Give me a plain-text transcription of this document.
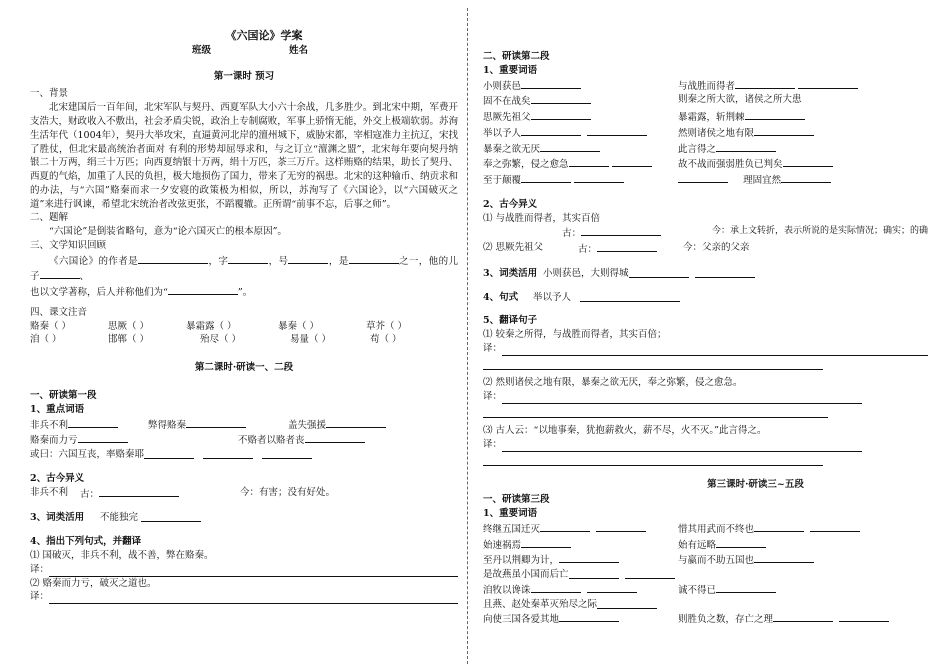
《六国论》学案
班级	姓名
第一课时 预习

一、背景

北宋建国后一百年间，北宋军队与契丹、西夏军队大小六十余战，几多胜少。到北宋中期，军费开支浩大，财政收入不敷出，社会矛盾尖锐，政治上专制腐败，军事上骄惰无能，外交上极端软弱。苏洵生活年代（1004年），契丹大举攻宋，直逼黄河北岸的澶州城下，威胁宋都，宰相寇准力主抗辽，宋找了胜仗，但北宋最高统治者面对 有利的形势却屈辱求和，与之订立“澶渊之盟”，北宋每年要向契丹纳银二十万两，绢三十万匹；向西夏纳银十万两，绢十万匹，茶三万斤。这样贿赂的结果，助长了契丹、西夏的气焰，加重了人民的负担，极大地损伤了国力，带来了无穷的祸患。北宋的这种输币、纳贡求和的办法，与“六国”赂秦而求一夕安寝的政策极为相似，所以，苏洵写了《六国论》，以“六国破灭之道”来进行讽谏，希望北宋统治者改弦更张，不蹈覆辙。正所谓“前事不忘，后事之师”。

二、题解

“六国论”是倒装省略句，意为“论六国灭亡的根本原因”。

三、文学知识回顾

《六国论》的作者是	，字	，号	，是	之一，他的儿子	、

也以文学著称，后人并称他们为“	”。

四、课文注音

赂秦（ ）	思厥（ ）	暴霜露（ ）	暴秦（ ）	草芥（ ）
洎（ ）	邯郸（ ）	殆尽（ ）	易量（ ）	苟（ ）
第二课时·研读一、二段

一、研读第一段

1、重点词语

非兵不利	弊得赂秦	盖失强援
赂秦而力亏	不赂者以赂者丧
或曰：六国互丧，率赂秦耶

2、古今异义

非兵不利	古：	今：有害；没有好处。
3、词类活用	不能独完

4、指出下列句式，并翻译

⑴ 国破灭，非兵不利，战不善，弊在赂秦。

译：

⑵ 赂秦而力亏，破灭之道也。

译：

二、研读第二段

1、重要词语

小则获邑	与战胜而得者
固不在战矣	则秦之所大欲，诸侯之所大患
思厥先祖父	暴霜露，斩荆棘
举以予人	然则诸侯之地有限
暴秦之欲无厌	此言得之
奉之弥繁，侵之愈急	故不战而强弱胜负已判矣
至于颠覆	理固宜然

2、古今异义

⑴ 与战胜而得者，其实百倍

古：	今：承上文转折，表示所说的是实际情况；确实；的确
⑵ 思厥先祖父	古：	今：父亲的父亲
3、词类活用 小则获邑，大则得城

4、句式	举以予人

5、翻译句子

⑴ 较秦之所得，与战胜而得者，其实百倍；

译：

⑵ 然则诸侯之地有限，暴秦之欲无厌，奉之弥繁，侵之愈急。

译：

⑶ 古人云：“以地事秦，犹抱薪救火，薪不尽，火不灭。”此言得之。

译：
第三课时·研读三~五段

一、研读第三段

1、重要词语

终继五国迁灭	惜其用武而不终也
始速祸焉	始有远略
至丹以荆卿为计，	与嬴而不助五国也
是故燕虽小国而后亡

洎牧以谗诛	诚不得已
且燕、赵处秦革灭殆尽之际
向使三国各爱其地	则胜负之数，存亡之理
